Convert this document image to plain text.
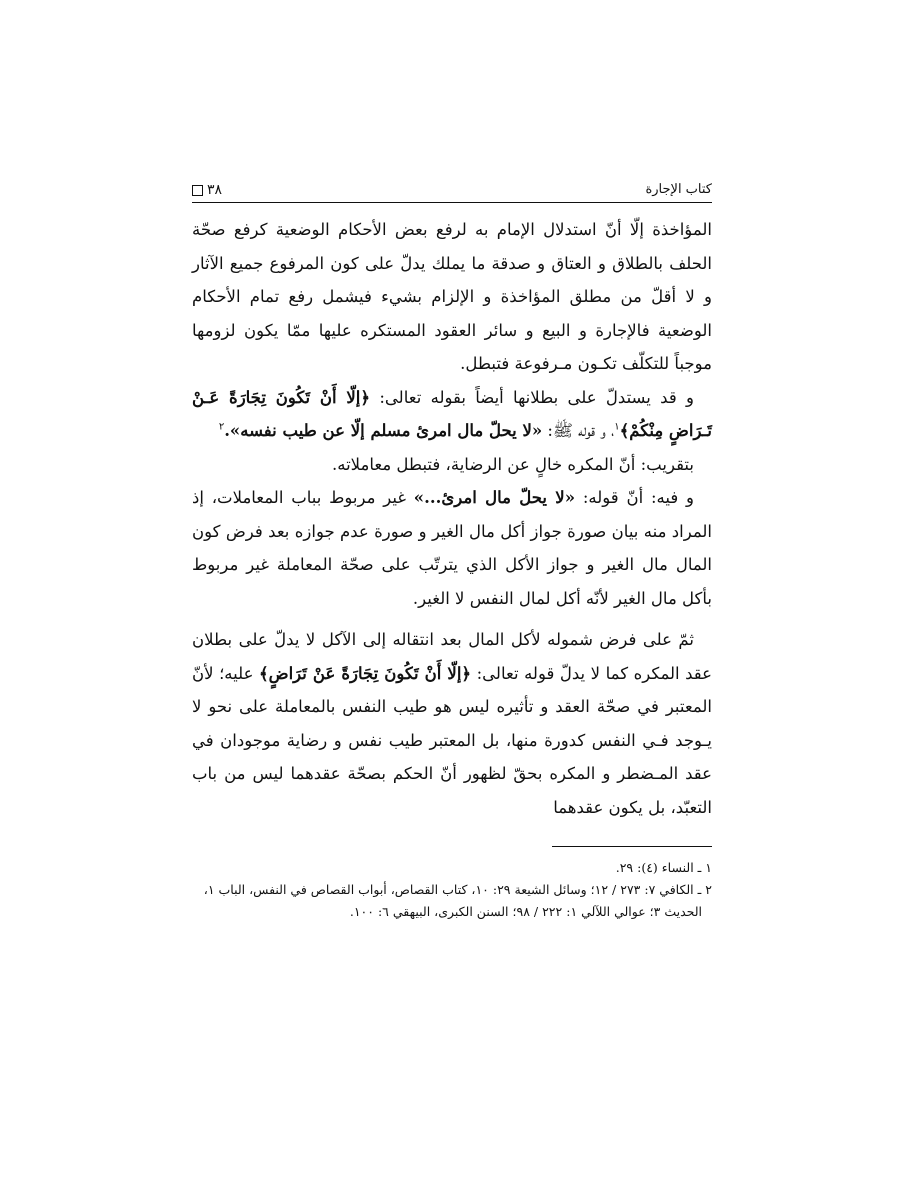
كتاب الإجارة
۳۸

المؤاخذة إلّا أنّ استدلال الإمام به لرفع بعض الأحكام الوضعية كرفع صحّة الحلف بالطلاق و العتاق و صدقة ما يملك يدلّ على كون المرفوع جميع الآثار و لا أقلّ من مطلق المؤاخذة و الإلزام بشيء فيشمل رفع تمام الأحكام الوضعية فالإجارة و البيع و سائر العقود المستكره عليها ممّا يكون لزومها موجباً للتكلّف تكـون مـرفوعة فتبطل.

و قد يستدلّ على بطلانها أيضاً بقوله تعالى: ﴿إلّا أَنْ تَكُونَ تِجَارَةً عَـنْ تَـرَاضٍ مِنْكُمْ﴾$^١$، و قوله ﷺ: «لا يحلّ مال امرئ مسلم إلّا عن طيب نفسه».$^٢$

بتقريب: أنّ المكره خالٍ عن الرضاية، فتبطل معاملاته.

و فيه: أنّ قوله: «لا يحلّ مال امرئ...» غير مربوط بباب المعاملات، إذ المراد منه بيان صورة جواز أكل مال الغير و صورة عدم جوازه بعد فرض كون المال مال الغير و جواز الأكل الذي يترتّب على صحّة المعاملة غير مربوط بأكل مال الغير لأنّه أكل لمال النفس لا الغير.

ثمّ على فرض شموله لأكل المال بعد انتقاله إلى الآكل لا يدلّ على بطلان عقد المكره كما لا يدلّ قوله تعالى: ﴿إلّا أَنْ تَكُونَ تِجَارَةً عَنْ تَرَاضٍ﴾ عليه؛ لأنّ المعتبر في صحّة العقد و تأثيره ليس هو طيب النفس بالمعاملة على نحو لا يـوجد فـي النفس كدورة منها، بل المعتبر طيب نفس و رضاية موجودان في عقد المـضطر و المكره بحقّ لظهور أنّ الحكم بصحّة عقدهما ليس من باب التعبّد، بل يكون عقدهما

١ ـ النساء (٤): ٢٩.
٢ ـ الكافي ٧: ٢٧٣ / ١٢؛ وسائل الشيعة ٢٩: ١٠، كتاب القصاص، أبواب القصاص في النفس، الباب ١،
الحديث ٣؛ عوالي اللآلي ١: ٢٢٢ / ٩٨؛ السنن الكبرى، البيهقي ٦: ١٠٠.
